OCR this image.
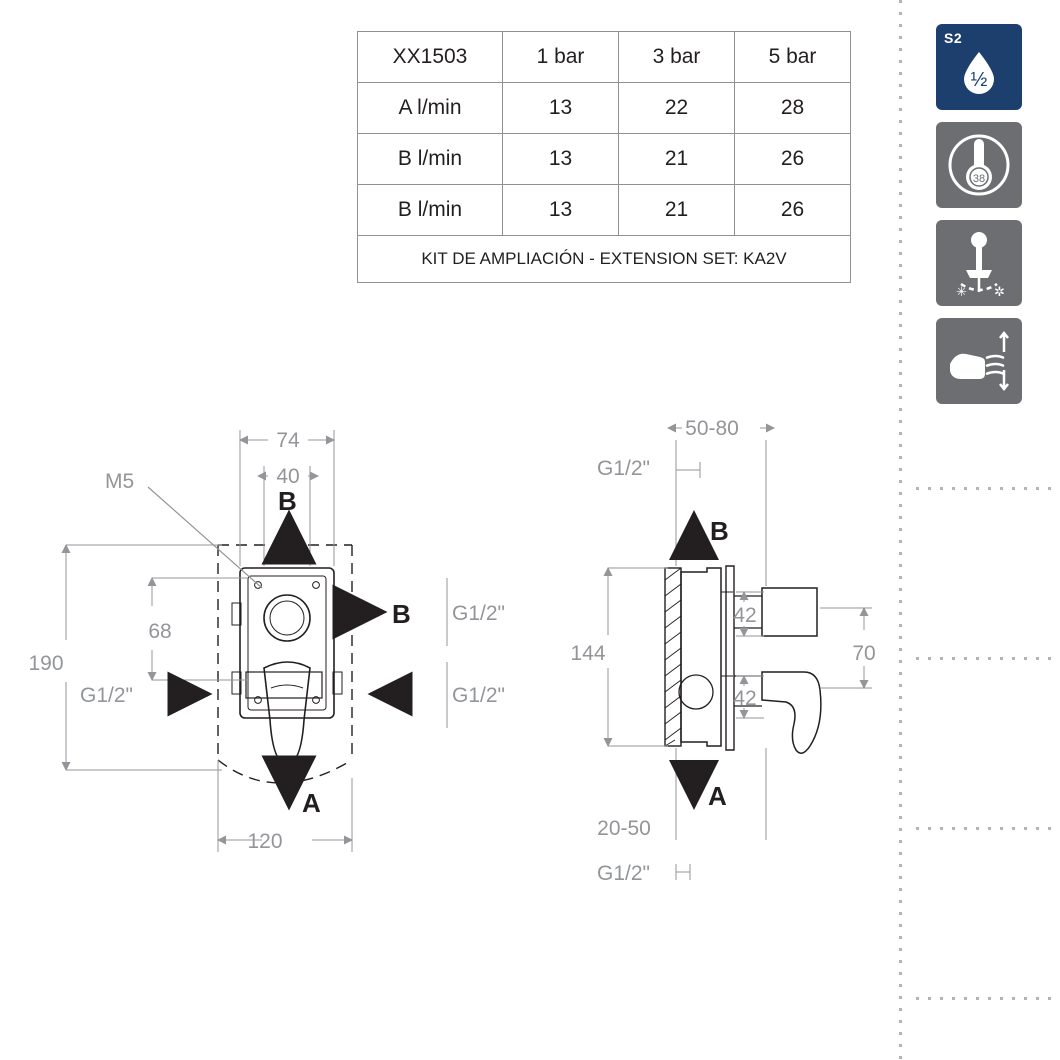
XX1503	1 bar	3 bar	5 bar
A l/min	13	22	28
B l/min	13	21	26
B l/min	13	21	26
KIT DE AMPLIACIÓN - EXTENSION SET: KA2V			
S2
½
38
✳ ✲
M5
120
74
40
190
68
B
B
A
G1/2"
G1/2"
G1/2"
50-80
G1/2"
144
42
42
70
20-50
G1/2"
B
A
